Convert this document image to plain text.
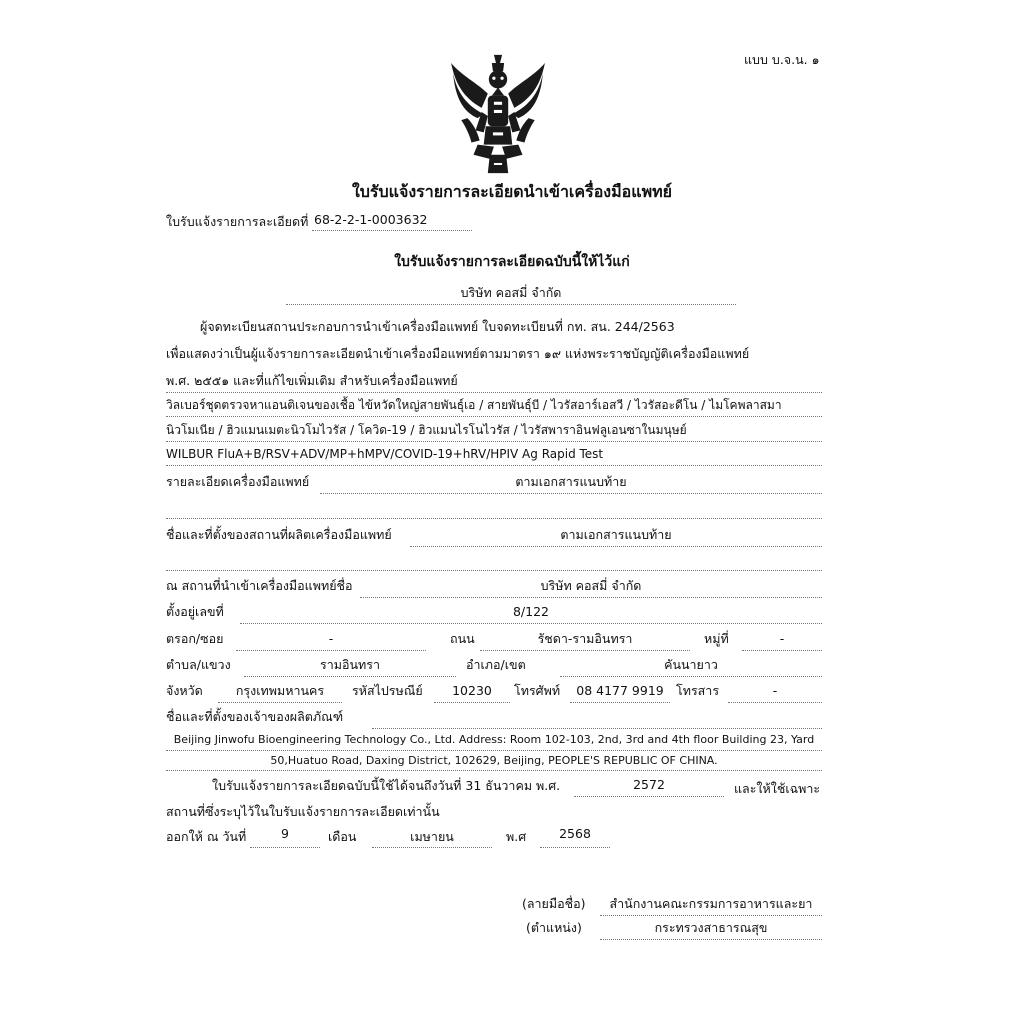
แบบ บ.จ.น. ๑
ใบรับแจ้งรายการละเอียดนำเข้าเครื่องมือแพทย์
ใบรับแจ้งรายการละเอียดที่ 68-2-2-1-0003632
ใบรับแจ้งรายการละเอียดฉบับนี้ให้ไว้แก่
บริษัท คอสมี่ จำกัด
ผู้จดทะเบียนสถานประกอบการนำเข้าเครื่องมือแพทย์ ใบจดทะเบียนที่ กท. สน. 244/2563
เพื่อแสดงว่าเป็นผู้แจ้งรายการละเอียดนำเข้าเครื่องมือแพทย์ตามมาตรา ๑๙ แห่งพระราชบัญญัติเครื่องมือแพทย์
พ.ศ. ๒๕๕๑ และที่แก้ไขเพิ่มเติม สำหรับเครื่องมือแพทย์
วิลเบอร์ชุดตรวจหาแอนติเจนของเชื้อ ไข้หวัดใหญ่สายพันธุ์เอ / สายพันธุ์บี / ไวรัสอาร์เอสวี / ไวรัสอะดีโน / ไมโคพลาสมา
นิวโมเนีย / ฮิวแมนเมตะนิวโมไวรัส / โควิด-19 / ฮิวแมนไรโนไวรัส / ไวรัสพาราอินฟลูเอนซาในมนุษย์
WILBUR FluA+B/RSV+ADV/MP+hMPV/COVID-19+hRV/HPIV Ag Rapid Test
รายละเอียดเครื่องมือแพทย์	ตามเอกสารแนบท้าย
ชื่อและที่ตั้งของสถานที่ผลิตเครื่องมือแพทย์	ตามเอกสารแนบท้าย
ณ สถานที่นำเข้าเครื่องมือแพทย์ชื่อ	บริษัท คอสมี่ จำกัด
ตั้งอยู่เลขที่	8/122
ตรอก/ซอย	-	ถนน	รัชดา-รามอินทรา	หมู่ที่	-
ตำบล/แขวง	รามอินทรา	อำเภอ/เขต	คันนายาว
จังหวัด	กรุงเทพมหานคร	รหัสไปรษณีย์	10230	โทรศัพท์	08 4177 9919 โทรสาร	-
ชื่อและที่ตั้งของเจ้าของผลิตภัณฑ์
Beijing Jinwofu Bioengineering Technology Co., Ltd. Address: Room 102-103, 2nd, 3rd and 4th floor Building 23, Yard
50,Huatuo Road, Daxing District, 102629, Beijing, PEOPLE'S REPUBLIC OF CHINA.
ใบรับแจ้งรายการละเอียดฉบับนี้ใช้ได้จนถึงวันที่ 31 ธันวาคม พ.ศ.	2572	และให้ใช้เฉพาะ
สถานที่ซึ่งระบุไว้ในใบรับแจ้งรายการละเอียดเท่านั้น
ออกให้ ณ วันที่	9	เดือน	เมษายน	พ.ศ	2568
(ลายมือชื่อ)	สำนักงานคณะกรรมการอาหารและยา
(ตำแหน่ง)	กระทรวงสาธารณสุข
